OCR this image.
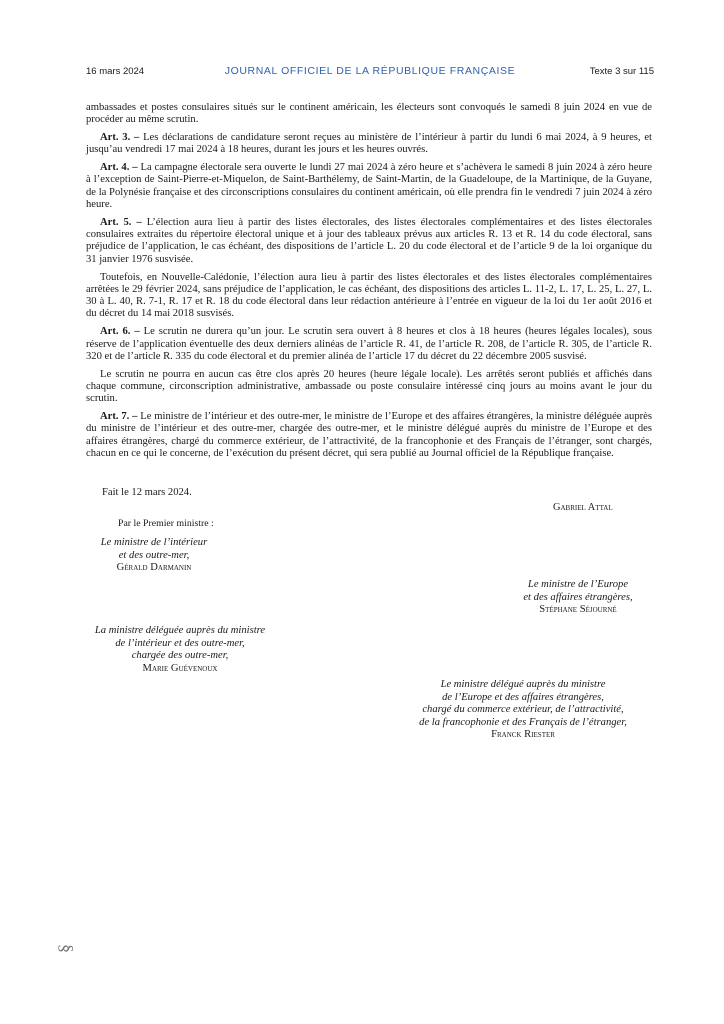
16 mars 2024	JOURNAL OFFICIEL DE LA RÉPUBLIQUE FRANÇAISE	Texte 3 sur 115

ambassades et postes consulaires situés sur le continent américain, les électeurs sont convoqués le samedi 8 juin 2024 en vue de procéder au même scrutin.

Art. 3. – Les déclarations de candidature seront reçues au ministère de l’intérieur à partir du lundi 6 mai 2024, à 9 heures, et jusqu’au vendredi 17 mai 2024 à 18 heures, durant les jours et les heures ouvrés.

Art. 4. – La campagne électorale sera ouverte le lundi 27 mai 2024 à zéro heure et s’achèvera le samedi 8 juin 2024 à zéro heure à l’exception de Saint-Pierre-et-Miquelon, de Saint-Barthélemy, de Saint-Martin, de la Guadeloupe, de la Martinique, de la Guyane, de la Polynésie française et des circonscriptions consulaires du continent américain, où elle prendra fin le vendredi 7 juin 2024 à zéro heure.

Art. 5. – L’élection aura lieu à partir des listes électorales, des listes électorales complémentaires et des listes électorales consulaires extraites du répertoire électoral unique et à jour des tableaux prévus aux articles R. 13 et R. 14 du code électoral, sans préjudice de l’application, le cas échéant, des dispositions de l’article L. 20 du code électoral et de l’article 9 de la loi organique du 31 janvier 1976 susvisée.

Toutefois, en Nouvelle-Calédonie, l’élection aura lieu à partir des listes électorales et des listes électorales complémentaires arrêtées le 29 février 2024, sans préjudice de l’application, le cas échéant, des dispositions des articles L. 11-2, L. 17, L. 25, L. 27, L. 30 à L. 40, R. 7-1, R. 17 et R. 18 du code électoral dans leur rédaction antérieure à l’entrée en vigueur de la loi du 1er août 2016 et du décret du 14 mai 2018 susvisés.

Art. 6. – Le scrutin ne durera qu’un jour. Le scrutin sera ouvert à 8 heures et clos à 18 heures (heures légales locales), sous réserve de l’application éventuelle des deux derniers alinéas de l’article R. 41, de l’article R. 208, de l’article R. 305, de l’article R. 320 et de l’article R. 335 du code électoral et du premier alinéa de l’article 17 du décret du 22 décembre 2005 susvisé.

Le scrutin ne pourra en aucun cas être clos après 20 heures (heure légale locale). Les arrêtés seront publiés et affichés dans chaque commune, circonscription administrative, ambassade ou poste consulaire intéressé cinq jours au moins avant le jour du scrutin.

Art. 7. – Le ministre de l’intérieur et des outre-mer, le ministre de l’Europe et des affaires étrangères, la ministre déléguée auprès du ministre de l’intérieur et des outre-mer, chargée des outre-mer, et le ministre délégué auprès du ministre de l’Europe et des affaires étrangères, chargé du commerce extérieur, de l’attractivité, de la francophonie et des Français de l’étranger, sont chargés, chacun en ce qui le concerne, de l’exécution du présent décret, qui sera publié au Journal officiel de la République française.

Fait le 12 mars 2024.
Gabriel Attal
Par le Premier ministre :
Le ministre de l’intérieur
et des outre-mer,
Gérald Darmanin
Le ministre de l’Europe
et des affaires étrangères,
Stéphane Séjourné
La ministre déléguée auprès du ministre
de l’intérieur et des outre-mer,
chargée des outre-mer,
Marie Guévenoux
Le ministre délégué auprès du ministre
de l’Europe et des affaires étrangères,
chargé du commerce extérieur, de l’attractivité,
de la francophonie et des Français de l’étranger,
Franck Riester
§
